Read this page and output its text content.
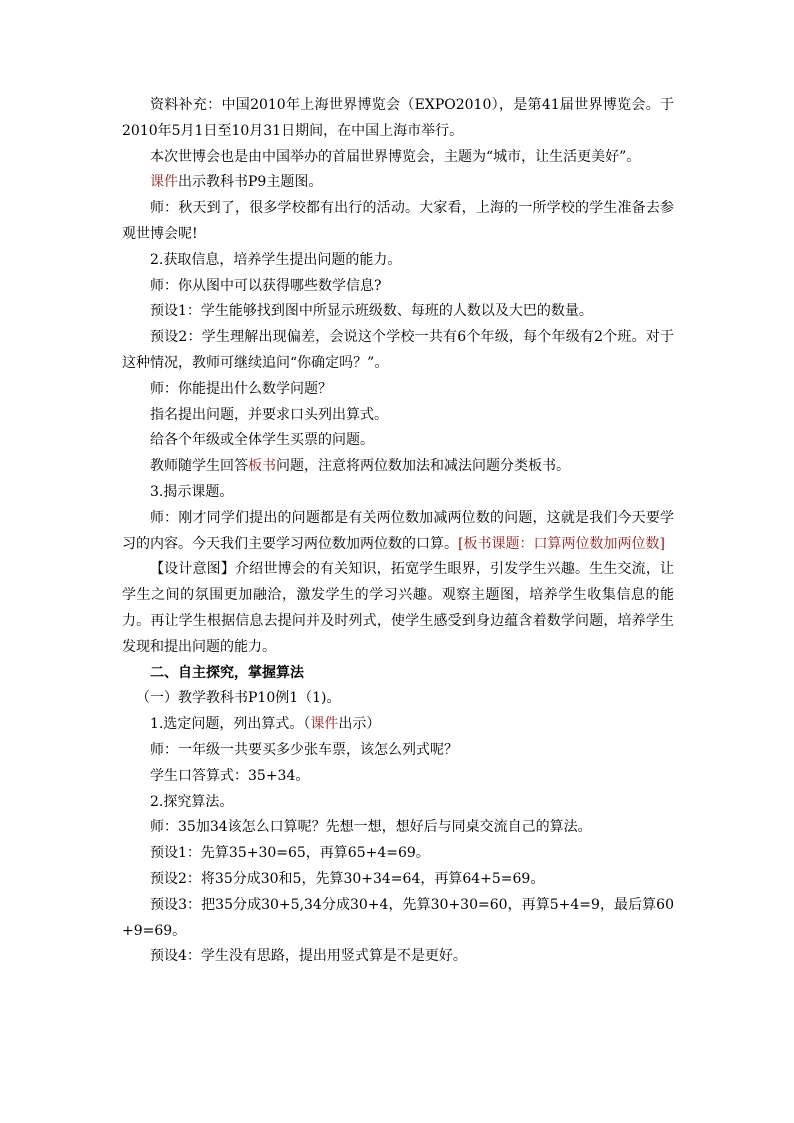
资料补充：中国2010年上海世界博览会（EXPO2010），是第41届世界博览会。于2010年5月1日至10月31日期间，在中国上海市举行。

本次世博会也是由中国举办的首届世界博览会，主题为“城市，让生活更美好”。

课件出示教科书P9主题图。

师：秋天到了，很多学校都有出行的活动。大家看，上海的一所学校的学生准备去参观世博会呢!

2.获取信息，培养学生提出问题的能力。

师：你从图中可以获得哪些数学信息?

预设1：学生能够找到图中所显示班级数、每班的人数以及大巴的数量。

预设2：学生理解出现偏差，会说这个学校一共有6个年级，每个年级有2个班。对于这种情况，教师可继续追问“你确定吗？”。

师：你能提出什么数学问题？

指名提出问题，并要求口头列出算式。

给各个年级或全体学生买票的问题。

教师随学生回答板书问题，注意将两位数加法和减法问题分类板书。

3.揭示课题。

师：刚才同学们提出的问题都是有关两位数加减两位数的问题，这就是我们今天要学习的内容。今天我们主要学习两位数加两位数的口算。[板书课题：口算两位数加两位数]

【设计意图】介绍世博会的有关知识，拓宽学生眼界，引发学生兴趣。生生交流，让学生之间的氛围更加融洽，激发学生的学习兴趣。观察主题图，培养学生收集信息的能力。再让学生根据信息去提问并及时列式，使学生感受到身边蕴含着数学问题，培养学生发现和提出问题的能力。

二、自主探究，掌握算法

（一）教学教科书P10例1（1)。

1.选定问题，列出算式。（课件出示）

师：一年级一共要买多少张车票，该怎么列式呢？

学生口答算式：35+34。

2.探究算法。

师：35加34该怎么口算呢？先想一想，想好后与同桌交流自己的算法。

预设1：先算35+30=65，再算65+4=69。

预设2：将35分成30和5，先算30+34=64，再算64+5=69。

预设3：把35分成30+5,34分成30+4，先算30+30=60，再算5+4=9，最后算60+9=69。

预设4：学生没有思路，提出用竖式算是不是更好。
